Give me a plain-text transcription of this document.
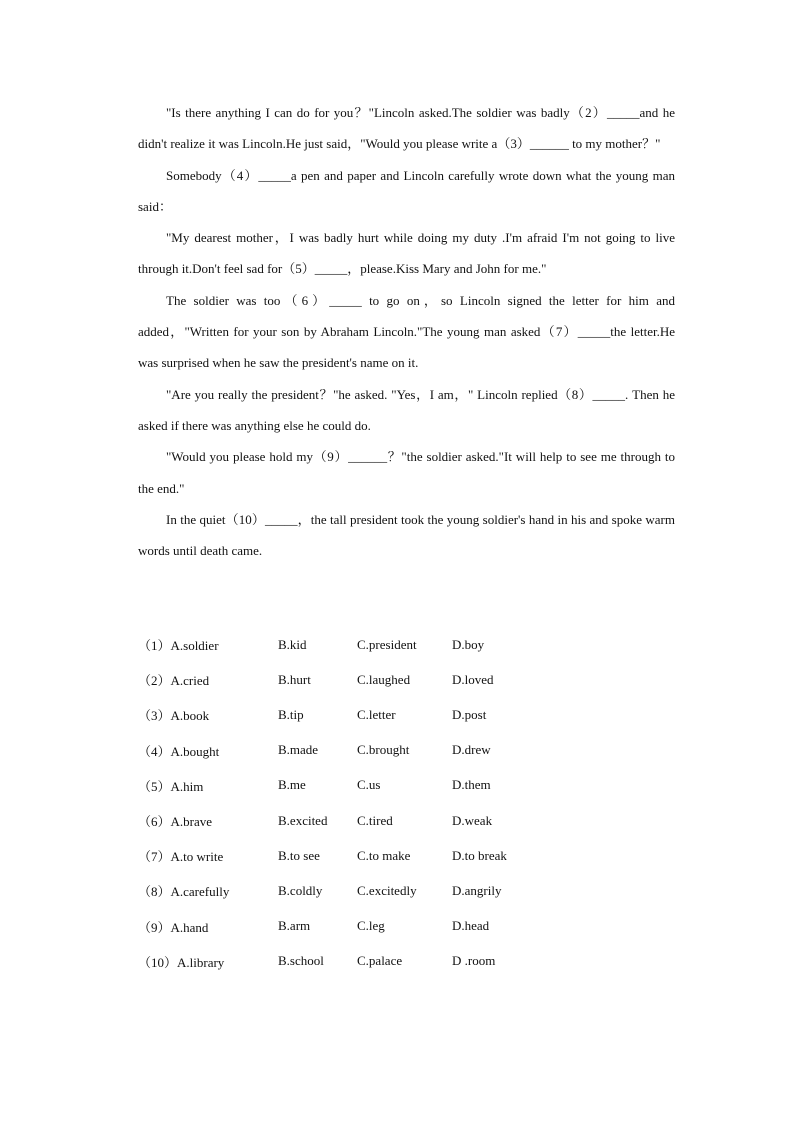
"Is there anything I can do for you？"Lincoln asked.The soldier was badly（2）_____and he didn't realize it was Lincoln.He just said，"Would you please write a（3）______ to my mother？"

Somebody（4）_____a pen and paper and Lincoln carefully wrote down what the young man said：

"My dearest mother，I was badly hurt while doing my duty .I'm afraid I'm not going to live through it.Don't feel sad for（5）_____，please.Kiss Mary and John for me."

The soldier was too（6）_____ to go on，so Lincoln signed the letter for him and added，"Written for your son by Abraham Lincoln."The young man asked（7）_____the letter.He was surprised when he saw the president's name on it.

"Are you really the president？"he asked. "Yes，I am，" Lincoln replied（8）_____. Then he asked if there was anything else he could do.

"Would you please hold my（9）______？"the soldier asked."It will help to see me through to the end."

In the quiet（10）_____，the tall president took the young soldier's hand in his and spoke warm words until death came.

（1）A.soldier	B.kid	C.president	D.boy
（2）A.cried	B.hurt	C.laughed	D.loved
（3）A.book	B.tip	C.letter	D.post
（4）A.bought	B.made	C.brought	D.drew
（5）A.him	B.me	C.us	D.them
（6）A.brave	B.excited	C.tired	D.weak
（7）A.to write	B.to see	C.to make	D.to break
（8）A.carefully	B.coldly	C.excitedly	D.angrily
（9）A.hand	B.arm	C.leg	D.head
（10）A.library	B.school	C.palace	D .room
